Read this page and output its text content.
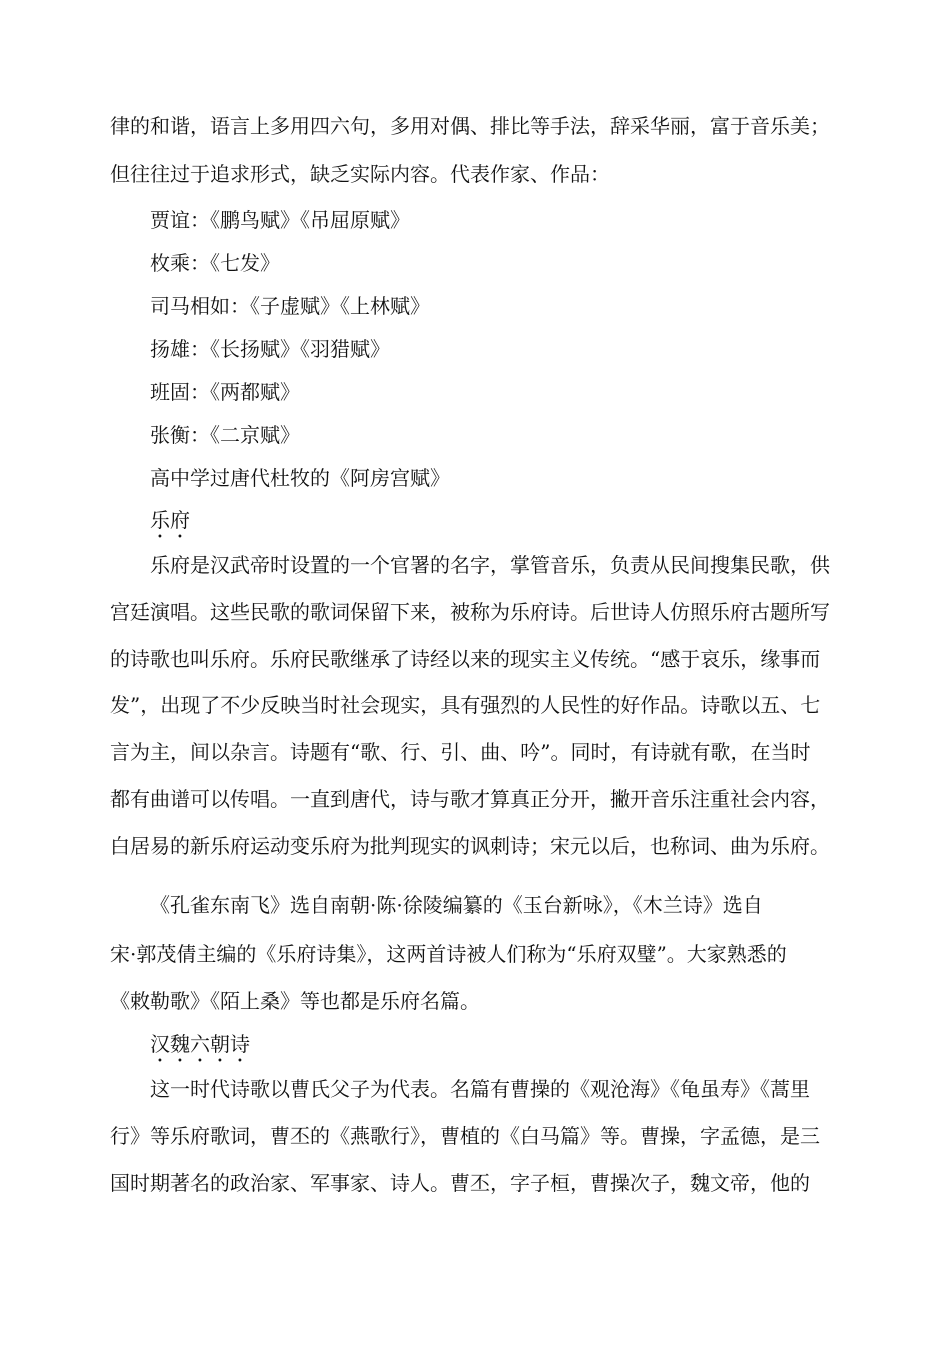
律的和谐，语言上多用四六句，多用对偶、排比等手法，辞采华丽，富于音乐美；
但往往过于追求形式，缺乏实际内容。代表作家、作品：
贾谊：《鹏鸟赋》《吊屈原赋》
枚乘：《七发》
司马相如：《子虚赋》《上林赋》
扬雄：《长扬赋》《羽猎赋》
班固：《两都赋》
张衡：《二京赋》
高中学过唐代杜牧的《阿房宫赋》
乐府
乐府是汉武帝时设置的一个官署的名字，掌管音乐，负责从民间搜集民歌，供
宫廷演唱。这些民歌的歌词保留下来，被称为乐府诗。后世诗人仿照乐府古题所写
的诗歌也叫乐府。乐府民歌继承了诗经以来的现实主义传统。“感于哀乐，缘事而
发”，出现了不少反映当时社会现实，具有强烈的人民性的好作品。诗歌以五、七
言为主，间以杂言。诗题有“歌、行、引、曲、吟”。同时，有诗就有歌，在当时
都有曲谱可以传唱。一直到唐代，诗与歌才算真正分开，撇开音乐注重社会内容，
白居易的新乐府运动变乐府为批判现实的讽刺诗；宋元以后，也称词、曲为乐府。
《孔雀东南飞》选自南朝·陈·徐陵编纂的《玉台新咏》，《木兰诗》选自
宋·郭茂倩主编的《乐府诗集》，这两首诗被人们称为“乐府双璧”。大家熟悉的
《敕勒歌》《陌上桑》等也都是乐府名篇。
汉魏六朝诗
这一时代诗歌以曹氏父子为代表。名篇有曹操的《观沧海》《龟虽寿》《蒿里
行》等乐府歌词，曹丕的《燕歌行》，曹植的《白马篇》等。曹操，字孟德，是三
国时期著名的政治家、军事家、诗人。曹丕，字子桓，曹操次子，魏文帝，他的
